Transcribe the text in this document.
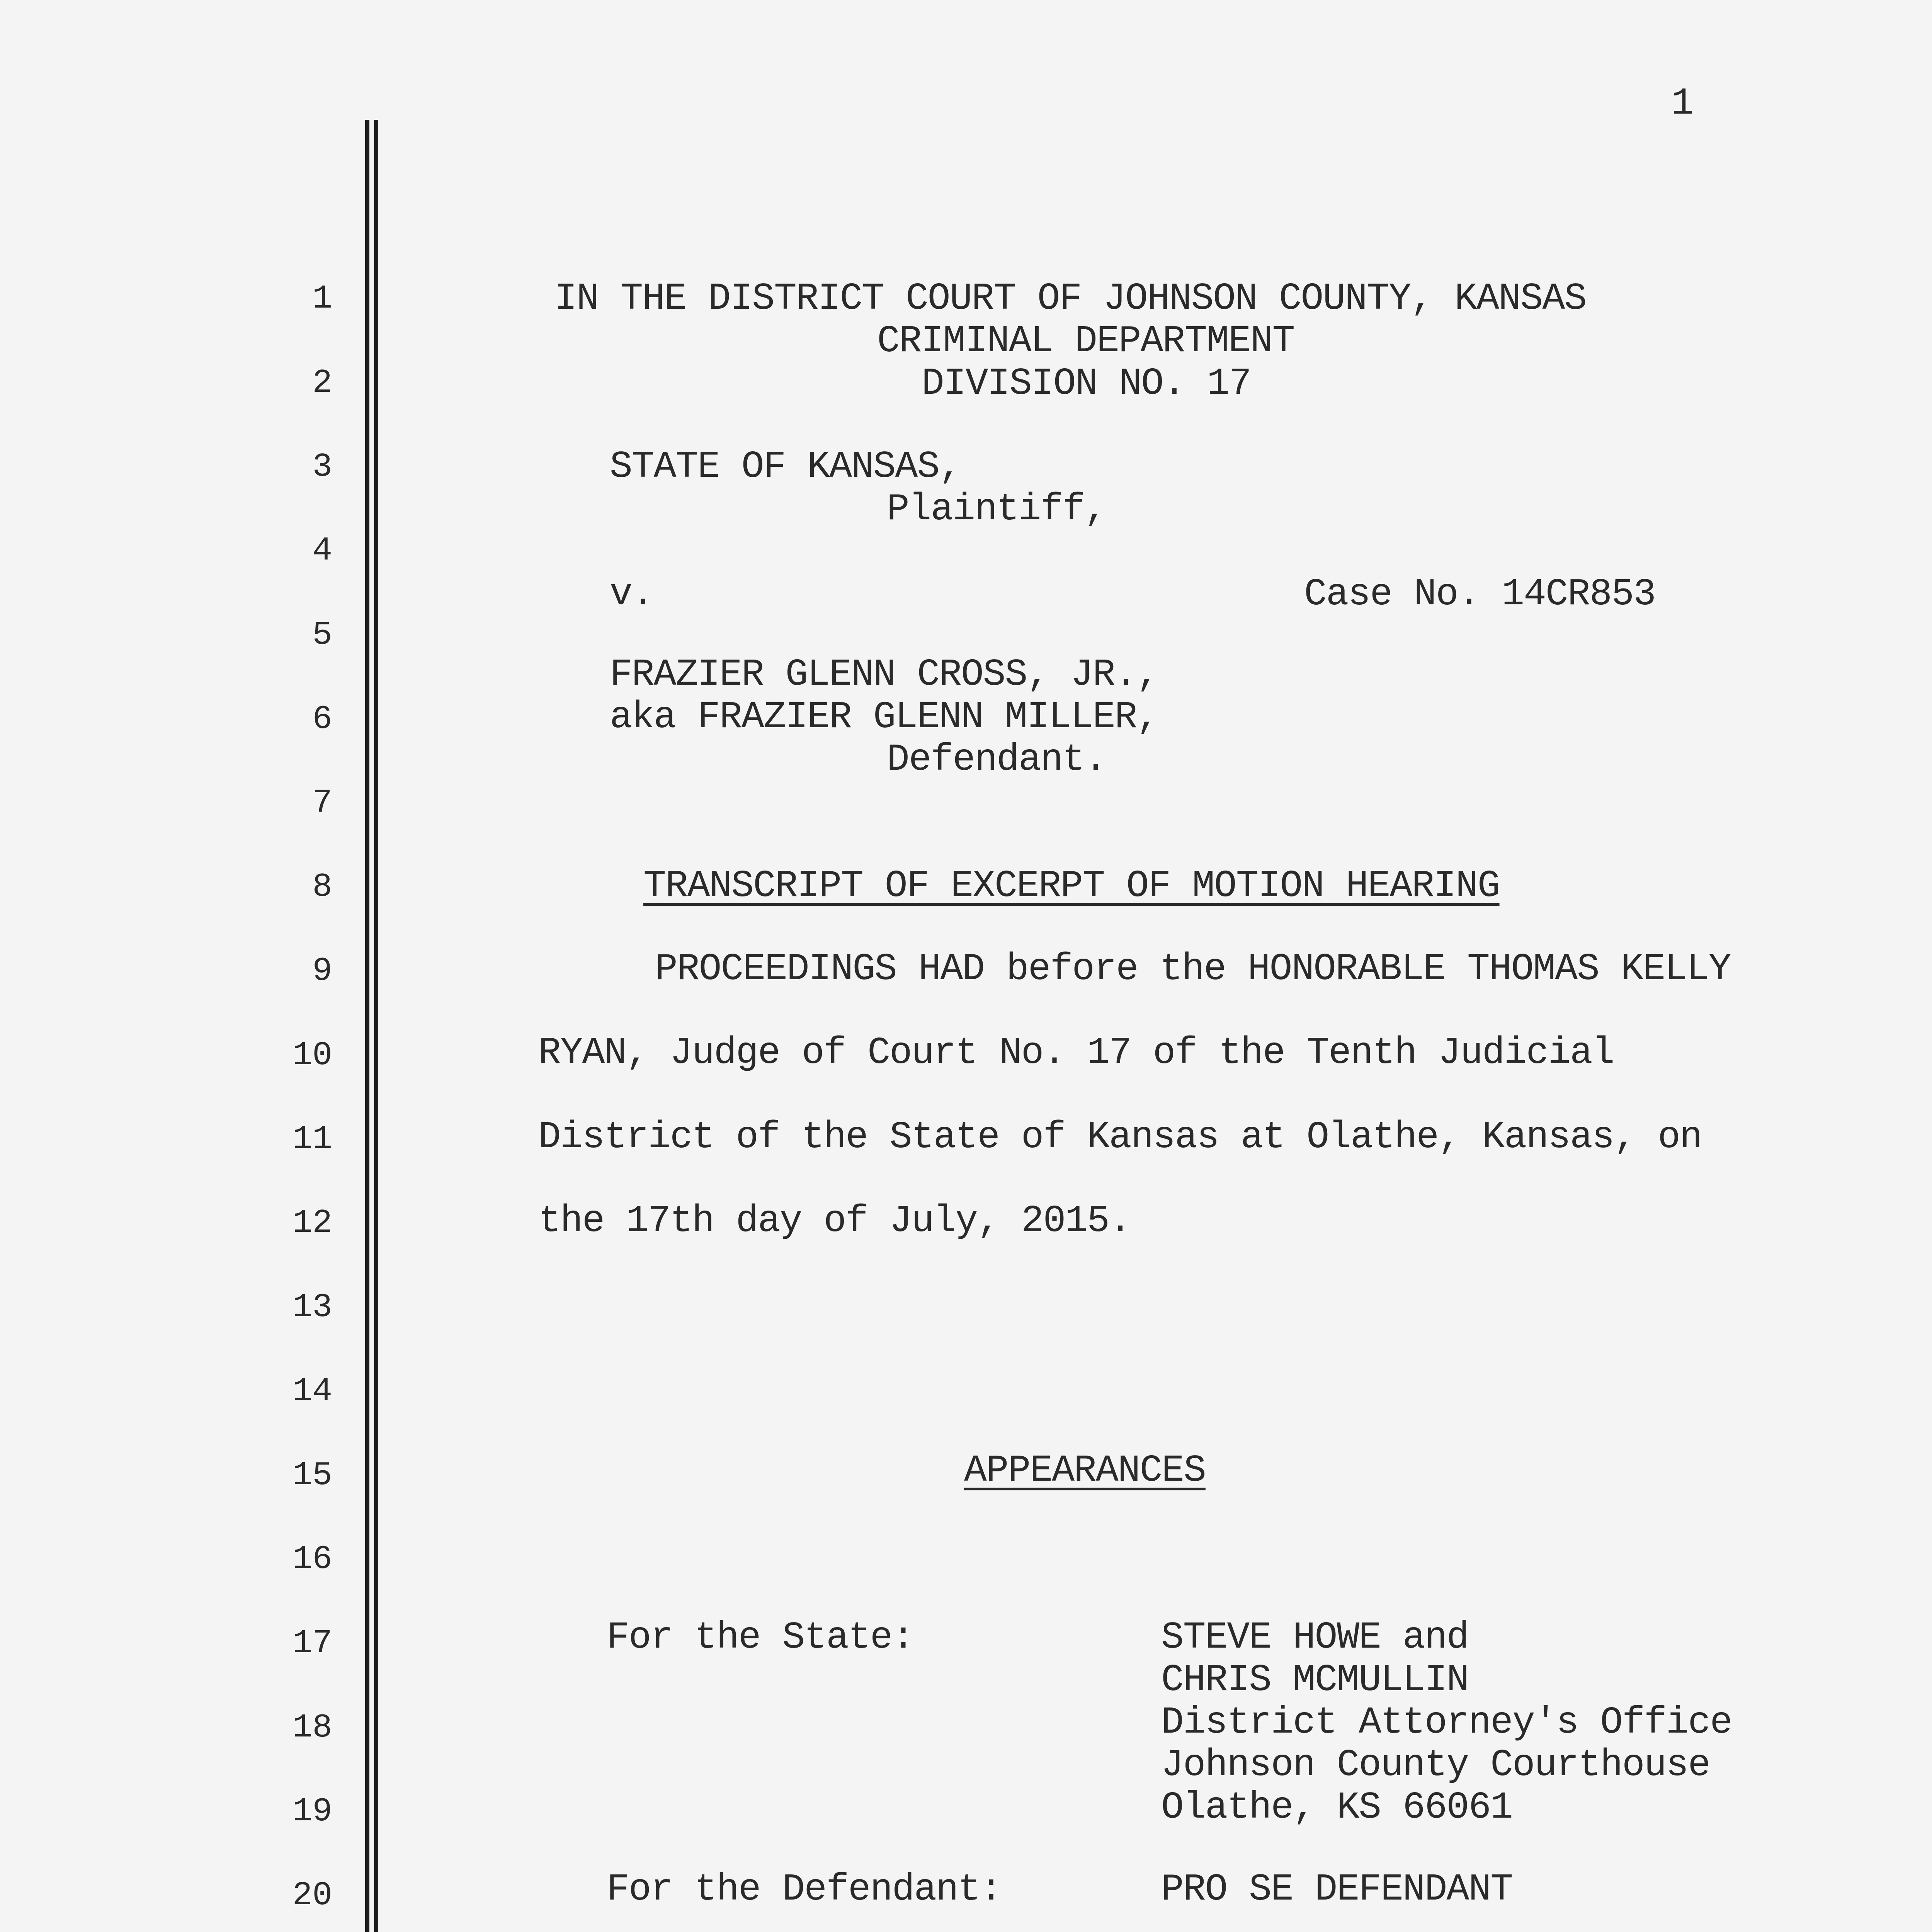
1
1
2
3
4
5
6
7
8
9
10
11
12
13
14
15
16
17
18
19
20
IN THE DISTRICT COURT OF JOHNSON COUNTY, KANSAS
CRIMINAL DEPARTMENT
DIVISION NO. 17
STATE OF KANSAS,
Plaintiff,
v.	Case No. 14CR853
FRAZIER GLENN CROSS, JR.,
aka FRAZIER GLENN MILLER,
Defendant.
TRANSCRIPT OF EXCERPT OF MOTION HEARING
PROCEEDINGS HAD before the HONORABLE THOMAS KELLY
RYAN, Judge of Court No. 17 of the Tenth Judicial
District of the State of Kansas at Olathe, Kansas, on
the 17th day of July, 2015.
APPEARANCES
For the State:	STEVE HOWE and
CHRIS MCMULLIN
District Attorney's Office
Johnson County Courthouse
Olathe, KS 66061
For the Defendant:	PRO SE DEFENDANT
